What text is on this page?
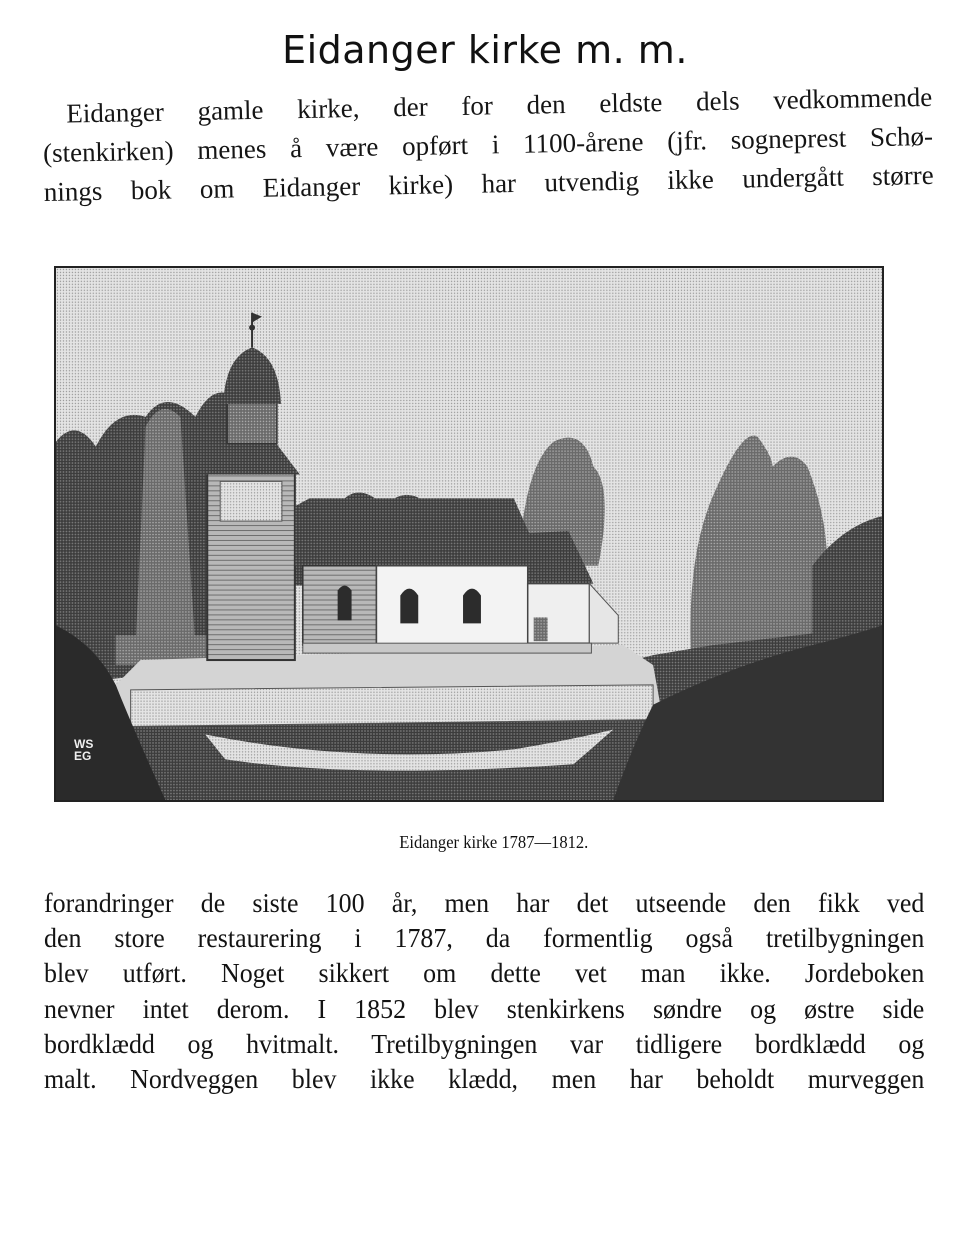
Eidanger kirke m. m.
Eidanger gamle kirke, der for den eldste dels vedkommende
(stenkirken) menes å være opført i 1100-årene (jfr. sogneprest Schø-
nings bok om Eidanger kirke) har utvendig ikke undergått større
WS
EG
Eidanger kirke 1787—1812.
forandringer de siste 100 år, men har det utseende den fikk ved
den store restaurering i 1787, da formentlig også tretilbygningen
blev utført. Noget sikkert om dette vet man ikke. Jordeboken
nevner intet derom. I 1852 blev stenkirkens søndre og østre side
bordklædd og hvitmalt. Tretilbygningen var tidligere bordklædd og
malt. Nordveggen blev ikke klædd, men har beholdt murveggen
